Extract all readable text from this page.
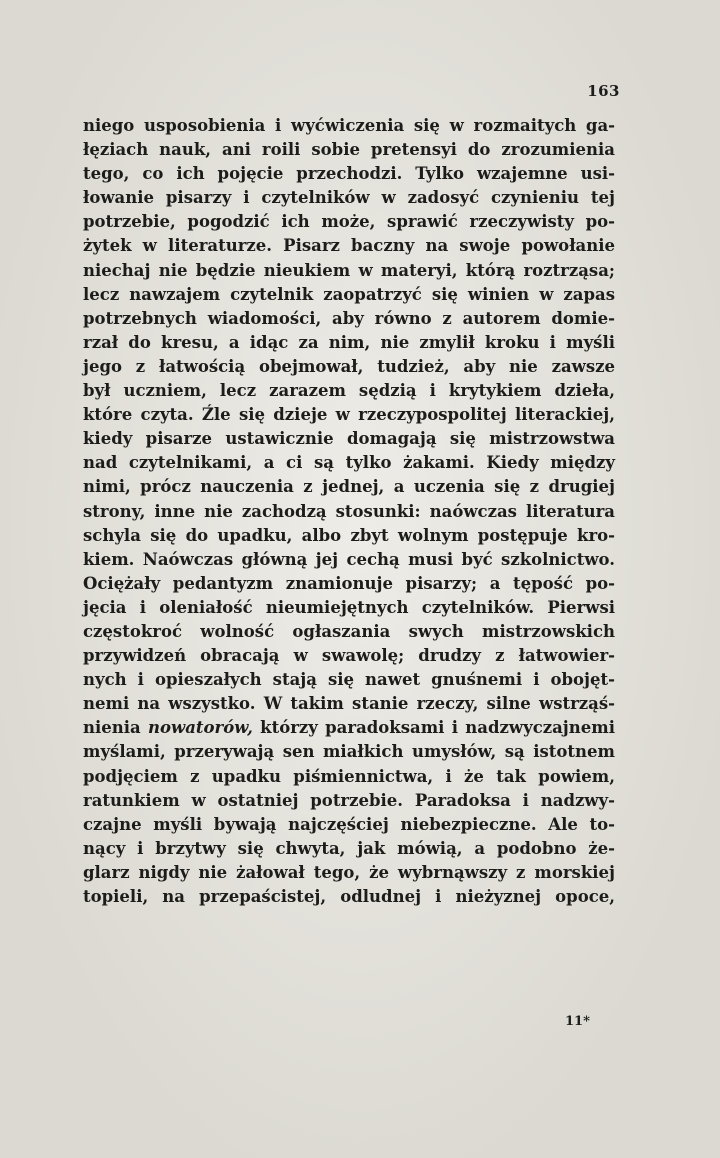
163

niego usposobienia i wyćwiczenia się w rozmaitych ga-
łęziach nauk, ani roili sobie pretensyi do zrozumienia
tego, co ich pojęcie przechodzi. Tylko wzajemne usi-
łowanie pisarzy i czytelników w zadosyć czynieniu tej
potrzebie, pogodzić ich może, sprawić rzeczywisty po-
żytek w literaturze. Pisarz baczny na swoje powołanie
niechaj nie będzie nieukiem w materyi, którą roztrząsa;
lecz nawzajem czytelnik zaopatrzyć się winien w zapas
potrzebnych wiadomości, aby równo z autorem domie-
rzał do kresu, a idąc za nim, nie zmylił kroku i myśli
jego z łatwością obejmował, tudzież, aby nie zawsze
był uczniem, lecz zarazem sędzią i krytykiem dzieła,
które czyta. Źle się dzieje w rzeczypospolitej literackiej,
kiedy pisarze ustawicznie domagają się mistrzowstwa
nad czytelnikami, a ci są tylko żakami. Kiedy między
nimi, prócz nauczenia z jednej, a uczenia się z drugiej
strony, inne nie zachodzą stosunki: naówczas literatura
schyla się do upadku, albo zbyt wolnym postępuje kro-
kiem. Naówczas główną jej cechą musi być szkolnictwo.
Ociężały pedantyzm znamionuje pisarzy; a tępość po-
jęcia i oleniałość nieumiejętnych czytelników. Pierwsi
częstokroć wolność ogłaszania swych mistrzowskich
przywidzeń obracają w swawolę; drudzy z łatwowier-
nych i opieszałych stają się nawet gnuśnemi i obojęt-
nemi na wszystko. W takim stanie rzeczy, silne wstrząś-
nienia nowatorów, którzy paradoksami i nadzwyczajnemi
myślami, przerywają sen miałkich umysłów, są istotnem
podjęciem z upadku piśmiennictwa, i że tak powiem,
ratunkiem w ostatniej potrzebie. Paradoksa i nadzwy-
czajne myśli bywają najczęściej niebezpieczne. Ale to-
nący i brzytwy się chwyta, jak mówią, a podobno że-
glarz nigdy nie żałował tego, że wybrnąwszy z morskiej
topieli, na przepaścistej, odludnej i nieżyznej opoce,

11*
